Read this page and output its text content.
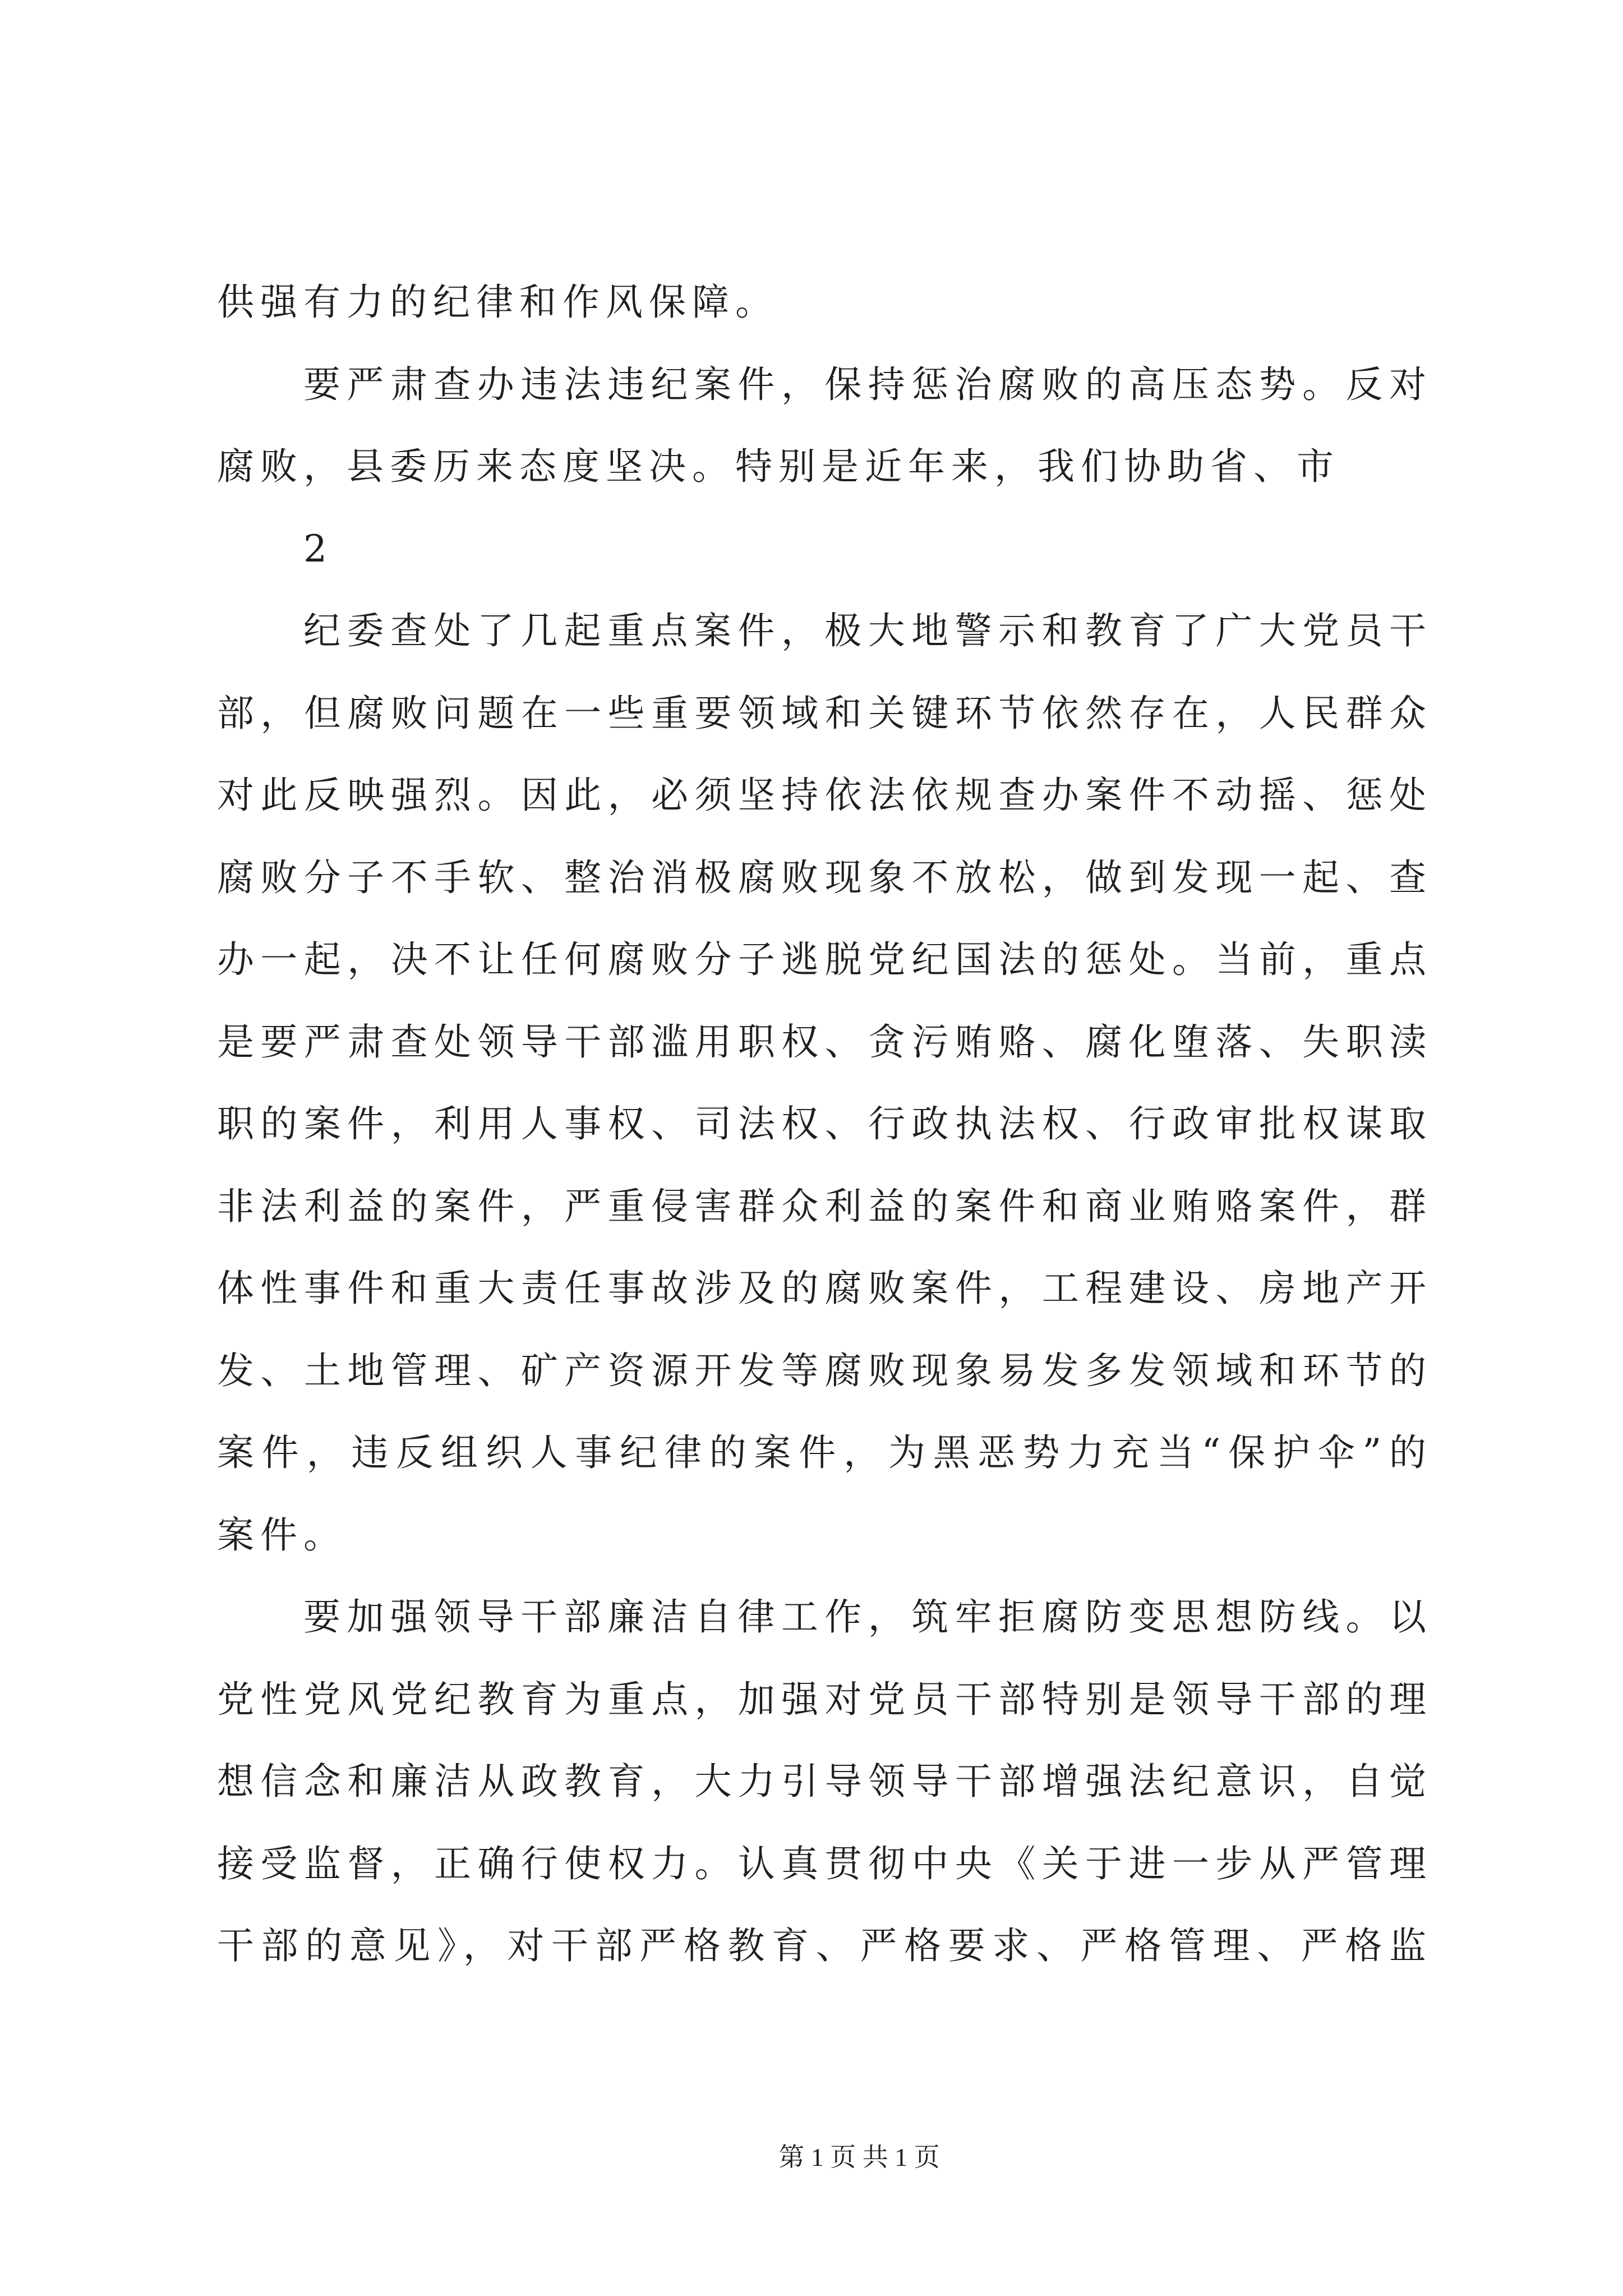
供强有力的纪律和作风保障。
要严肃查办违法违纪案件，保持惩治腐败的高压态势。反对
腐败，县委历来态度坚决。特别是近年来，我们协助省、市
2
纪委查处了几起重点案件，极大地警示和教育了广大党员干
部，但腐败问题在一些重要领域和关键环节依然存在，人民群众
对此反映强烈。因此，必须坚持依法依规查办案件不动摇、惩处
腐败分子不手软、整治消极腐败现象不放松，做到发现一起、查
办一起，决不让任何腐败分子逃脱党纪国法的惩处。当前，重点
是要严肃查处领导干部滥用职权、贪污贿赂、腐化堕落、失职渎
职的案件，利用人事权、司法权、行政执法权、行政审批权谋取
非法利益的案件，严重侵害群众利益的案件和商业贿赂案件，群
体性事件和重大责任事故涉及的腐败案件，工程建设、房地产开
发、土地管理、矿产资源开发等腐败现象易发多发领域和环节的
案件，违反组织人事纪律的案件，为黑恶势力充当“保护伞”的
案件。
要加强领导干部廉洁自律工作，筑牢拒腐防变思想防线。以
党性党风党纪教育为重点，加强对党员干部特别是领导干部的理
想信念和廉洁从政教育，大力引导领导干部增强法纪意识，自觉
接受监督，正确行使权力。认真贯彻中央《关于进一步从严管理
干部的意见》，对干部严格教育、严格要求、严格管理、严格监
第 1 页 共 1 页
